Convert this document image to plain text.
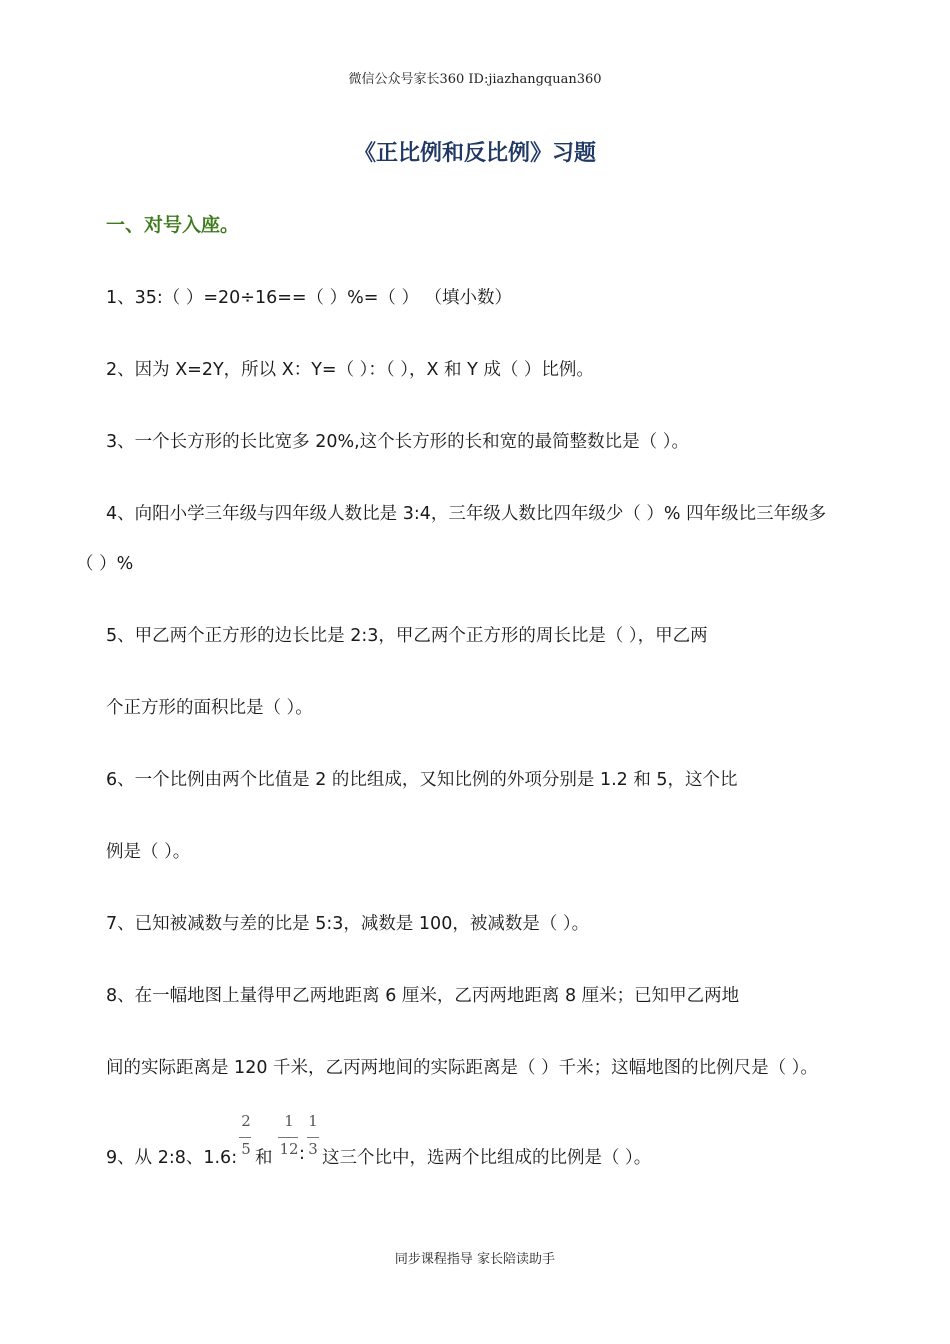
微信公众号家长360 ID:jiazhangquan360
《正比例和反比例》习题
一、对号入座。
1、35:（ ）=20÷16==（ ）%=（ ） （填小数）
2、因为 X=2Y，所以 X：Y=（ ）：（ ），X 和 Y 成（ ）比例。
3、一个长方形的长比宽多 20%,这个长方形的长和宽的最简整数比是（ ）。
4、向阳小学三年级与四年级人数比是 3:4，三年级人数比四年级少（ ）% 四年级比三年级多
（ ）%
5、甲乙两个正方形的边长比是 2:3，甲乙两个正方形的周长比是（ ），甲乙两
个正方形的面积比是（ ）。
6、一个比例由两个比值是 2 的比组成，又知比例的外项分别是 1.2 和 5，这个比
例是（ ）。
7、已知被减数与差的比是 5:3，减数是 100，被减数是（ ）。
8、在一幅地图上量得甲乙两地距离 6 厘米，乙丙两地距离 8 厘米；已知甲乙两地
间的实际距离是 120 千米，乙丙两地间的实际距离是（ ）千米；这幅地图的比例尺是（ ）。
9、从 2:8、1.6:
2
5 和
1
12 :
1
3 这三个比中，选两个比组成的比例是（ ）。
同步课程指导 家长陪读助手
